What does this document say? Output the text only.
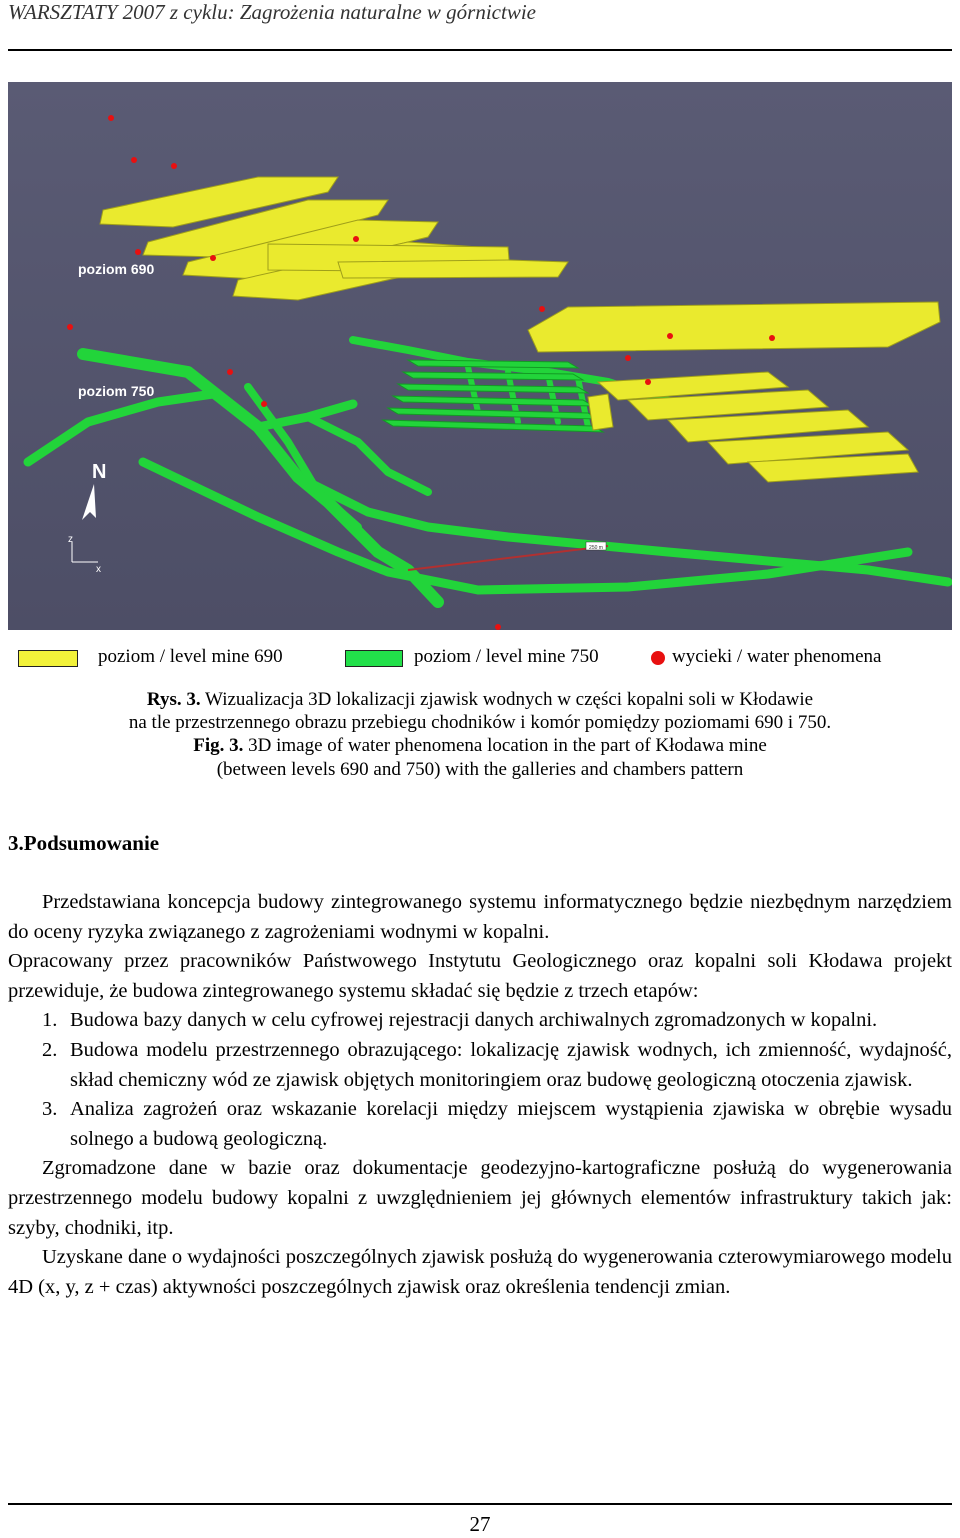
WARSZTATY 2007 z cyklu: Zagrożenia naturalne w górnictwie
250 m
poziom 690
poziom 750
N
z
x
poziom / level mine 690	poziom / level mine 750	wycieki / water phenomena
Rys. 3. Wizualizacja 3D lokalizacji zjawisk wodnych w części kopalni soli w Kłodawie
na tle przestrzennego obrazu przebiegu chodników i komór pomiędzy poziomami 690 i 750.
Fig. 3. 3D image of water phenomena location in the part of Kłodawa mine
(between levels 690 and 750) with the galleries and chambers pattern
3.Podsumowanie

Przedstawiana koncepcja budowy zintegrowanego systemu informatycznego będzie niezbędnym narzędziem do oceny ryzyka związanego z zagrożeniami wodnymi w kopalni.

Opracowany przez pracowników Państwowego Instytutu Geologicznego oraz kopalni soli Kłodawa projekt przewiduje, że budowa zintegrowanego systemu składać się będzie z trzech etapów:

1. Budowa bazy danych w celu cyfrowej rejestracji danych archiwalnych zgromadzonych w kopalni.
2. Budowa modelu przestrzennego obrazującego: lokalizację zjawisk wodnych, ich zmienność, wydajność, skład chemiczny wód ze zjawisk objętych monitoringiem oraz budowę geologiczną otoczenia zjawisk.
3. Analiza zagrożeń oraz wskazanie korelacji między miejscem wystąpienia zjawiska w obrębie wysadu solnego a budową geologiczną.

Zgromadzone dane w bazie oraz dokumentacje geodezyjno-kartograficzne posłużą do wygenerowania przestrzennego modelu budowy kopalni z uwzględnieniem jej głównych elementów infrastruktury takich jak: szyby, chodniki, itp.

Uzyskane dane o wydajności poszczególnych zjawisk posłużą do wygenerowania czterowymiarowego modelu 4D (x, y, z + czas) aktywności poszczególnych zjawisk oraz określenia tendencji zmian.

27
